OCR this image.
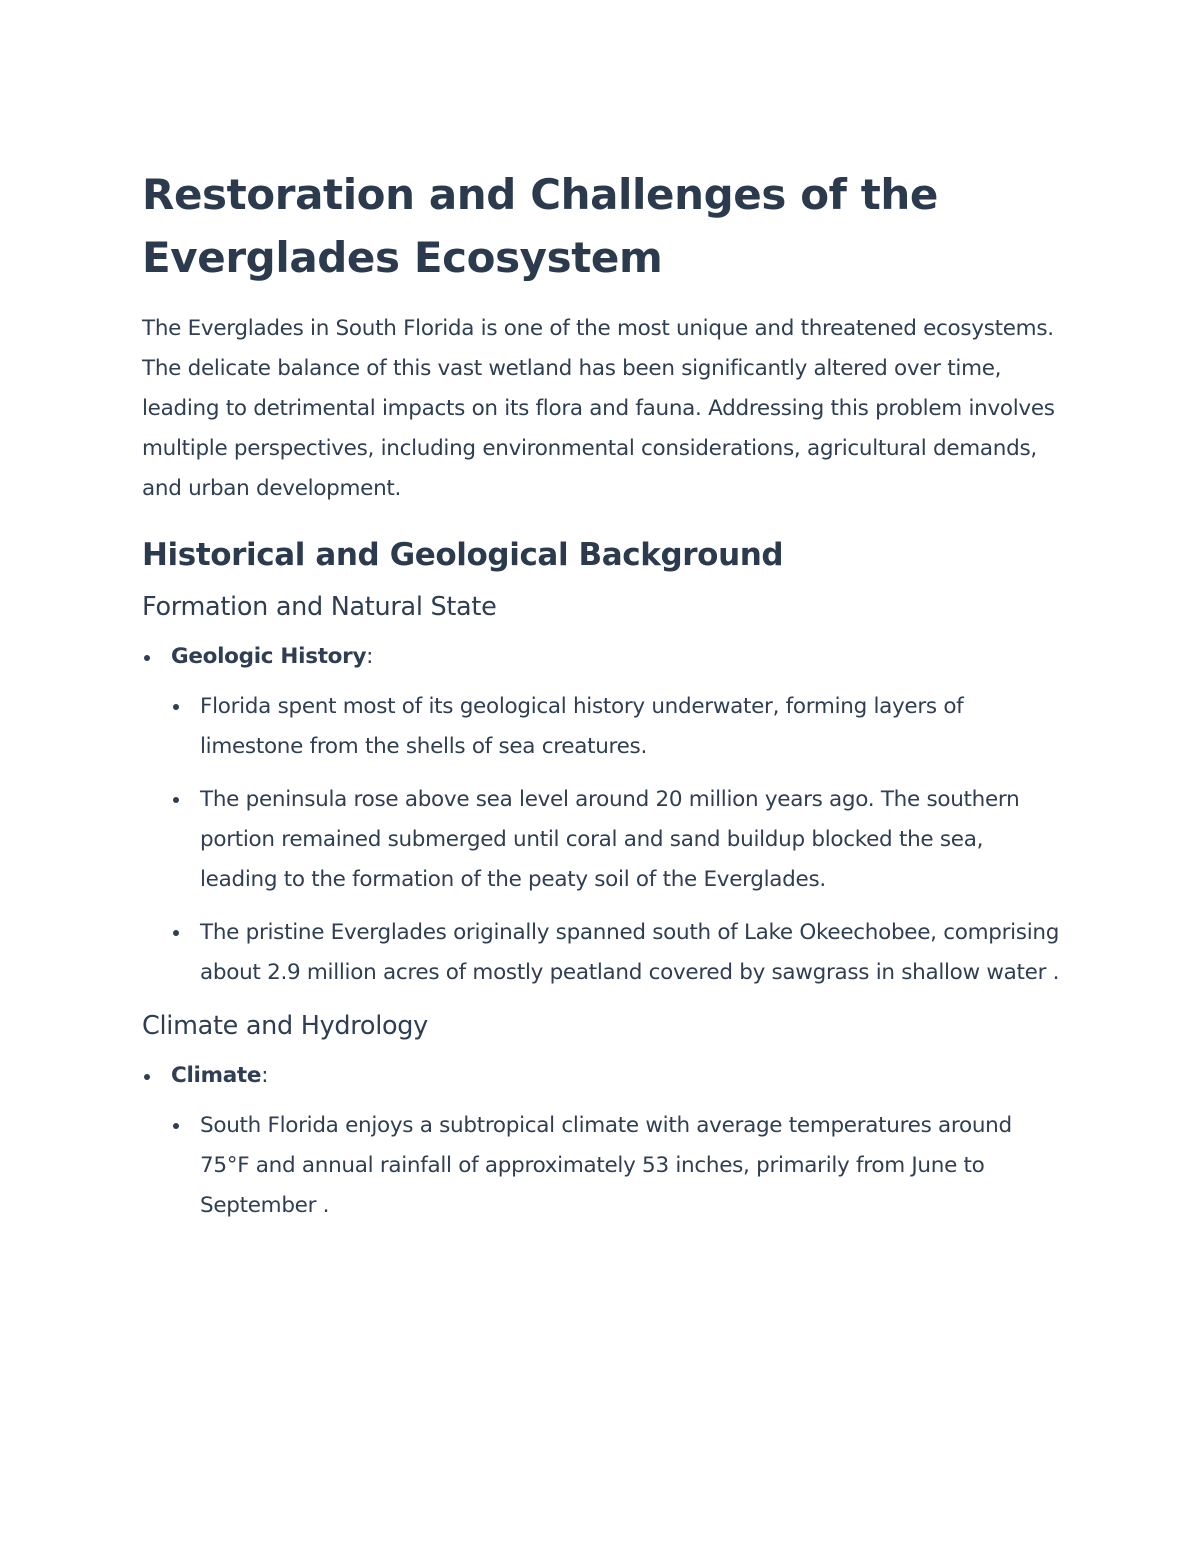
Restoration and Challenges of the Everglades Ecosystem

The Everglades in South Florida is one of the most unique and threatened ecosystems. The delicate balance of this vast wetland has been significantly altered over time, leading to detrimental impacts on its flora and fauna. Addressing this problem involves multiple perspectives, including environmental considerations, agricultural demands, and urban development.

Historical and Geological Background
Formation and Natural State
Geologic History:
Florida spent most of its geological history underwater, forming layers of limestone from the shells of sea creatures.
The peninsula rose above sea level around 20 million years ago. The southern portion remained submerged until coral and sand buildup blocked the sea, leading to the formation of the peaty soil of the Everglades.
The pristine Everglades originally spanned south of Lake Okeechobee, comprising about 2.9 million acres of mostly peatland covered by sawgrass in shallow water .
Climate and Hydrology
Climate:
South Florida enjoys a subtropical climate with average temperatures around 75°F and annual rainfall of approximately 53 inches, primarily from June to September .
